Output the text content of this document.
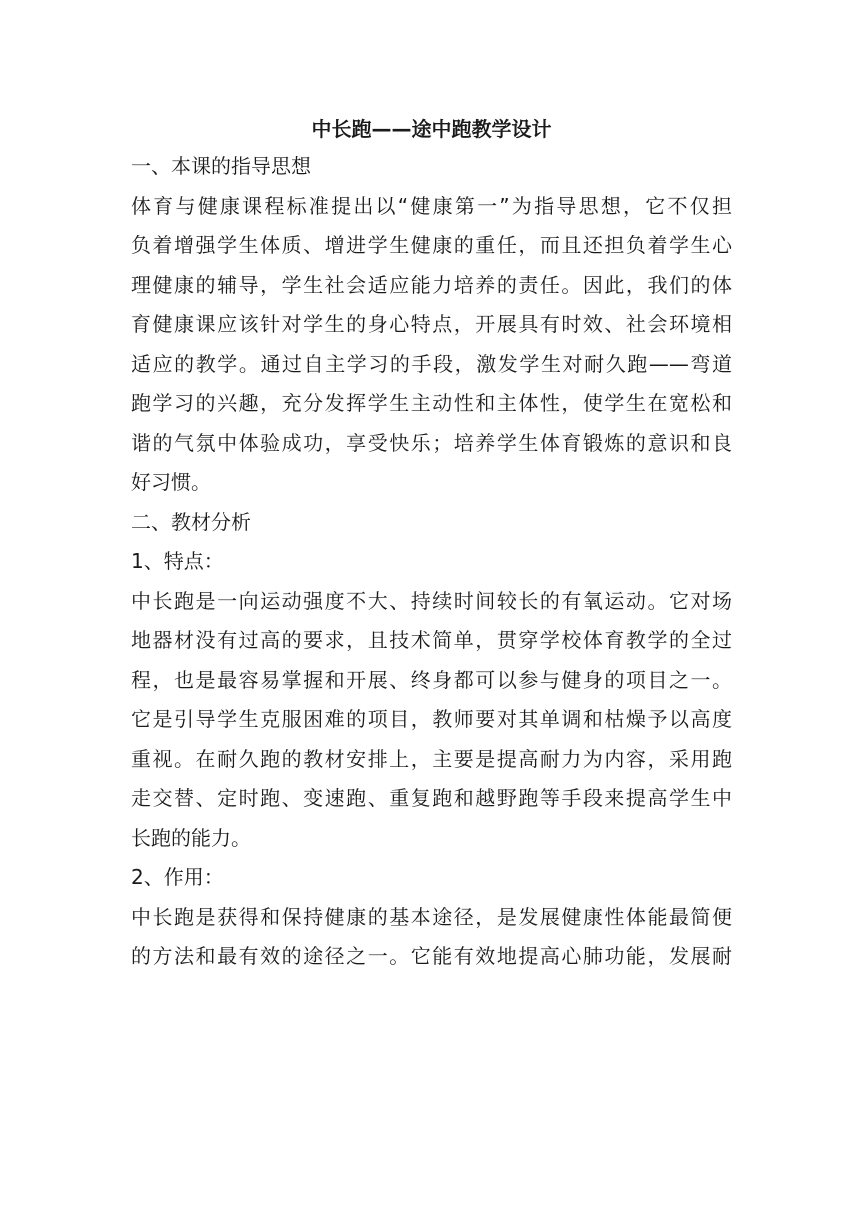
中长跑——途中跑教学设计

一、本课的指导思想

体育与健康课程标准提出以“健康第一”为指导思想，它不仅担
负着增强学生体质、增进学生健康的重任，而且还担负着学生心
理健康的辅导，学生社会适应能力培养的责任。因此，我们的体
育健康课应该针对学生的身心特点，开展具有时效、社会环境相
适应的教学。通过自主学习的手段，激发学生对耐久跑——弯道
跑学习的兴趣，充分发挥学生主动性和主体性，使学生在宽松和
谐的气氛中体验成功，享受快乐；培养学生体育锻炼的意识和良
好习惯。

二、教材分析

1、特点：

中长跑是一向运动强度不大、持续时间较长的有氧运动。它对场
地器材没有过高的要求，且技术简单，贯穿学校体育教学的全过
程，也是最容易掌握和开展、终身都可以参与健身的项目之一。
它是引导学生克服困难的项目，教师要对其单调和枯燥予以高度
重视。在耐久跑的教材安排上，主要是提高耐力为内容，采用跑
走交替、定时跑、变速跑、重复跑和越野跑等手段来提高学生中
长跑的能力。

2、作用：

中长跑是获得和保持健康的基本途径，是发展健康性体能最简便
的方法和最有效的途径之一。它能有效地提高心肺功能，发展耐
